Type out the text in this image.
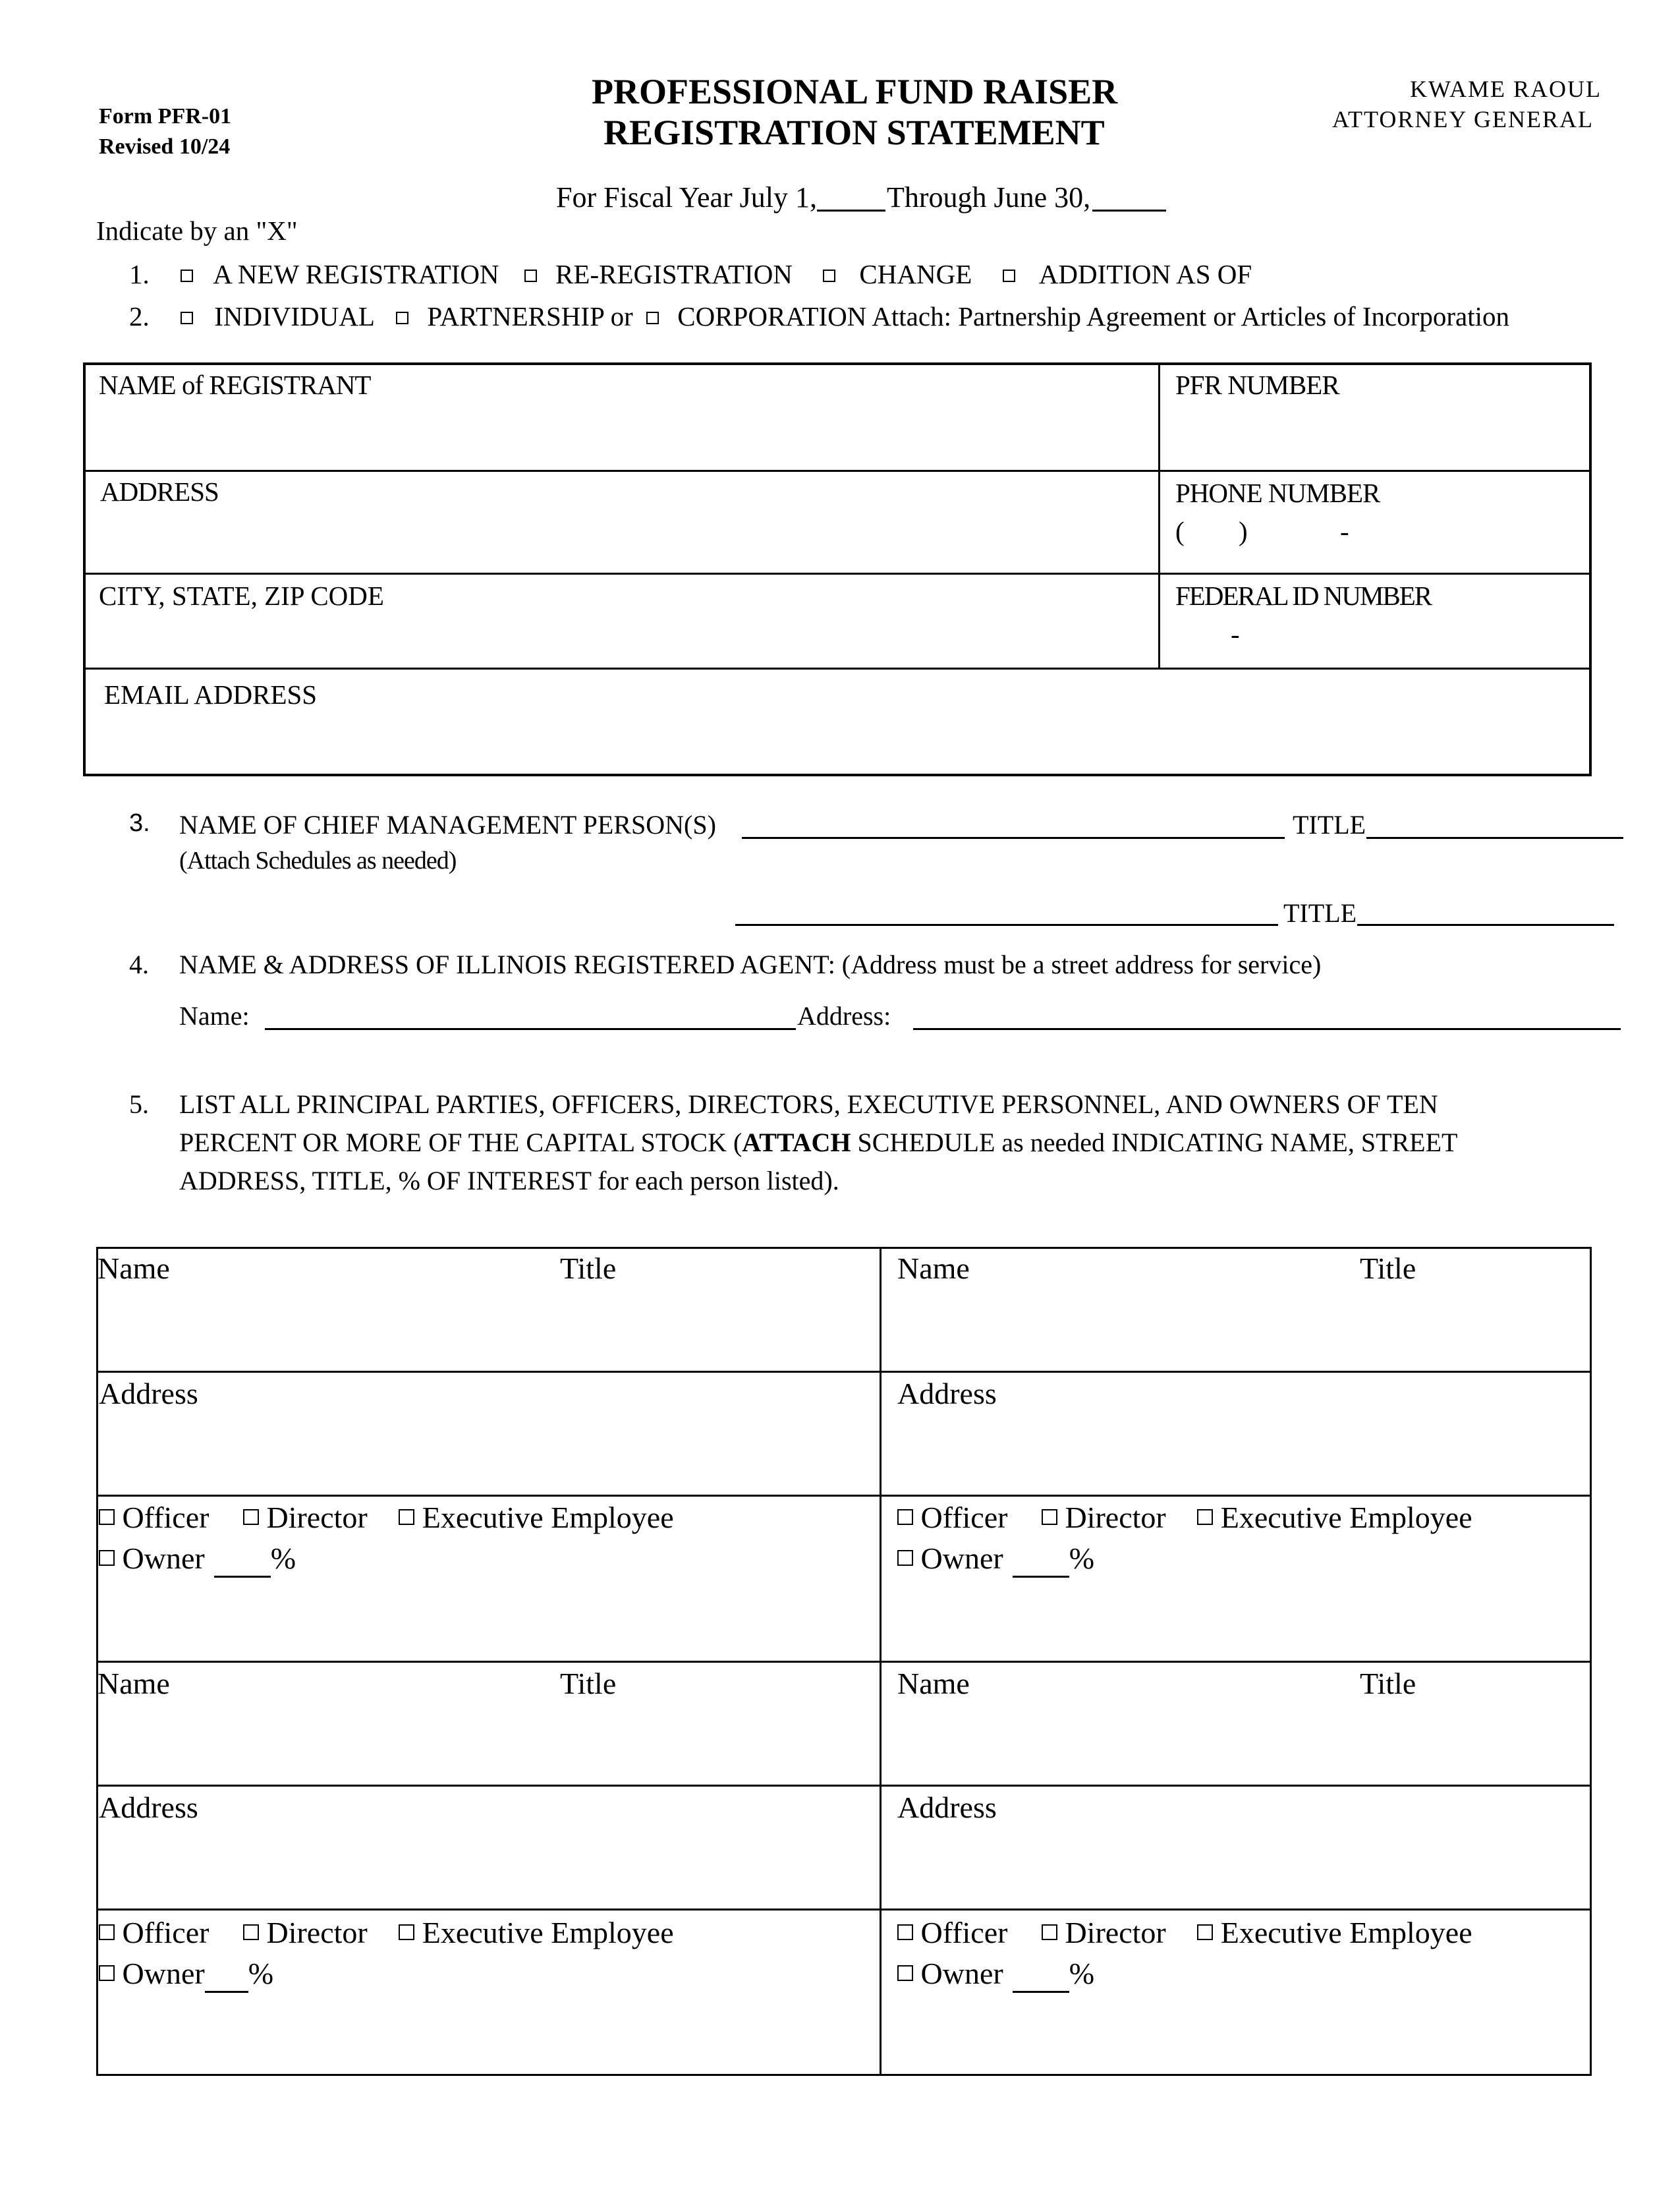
Form PFR-01
Revised 10/24
PROFESSIONAL FUND RAISER
REGISTRATION STATEMENT
KWAME RAOUL
ATTORNEY GENERAL
For Fiscal Year July 1, Through June 30,
Indicate by an "X"
1.	A NEW REGISTRATION RE-REGISTRATION CHANGE ADDITION AS OF
2.	INDIVIDUAL PARTNERSHIP or CORPORATION Attach: Partnership Agreement or Articles of Incorporation
NAME of REGISTRANT	PFR NUMBER
ADDRESS	PHONE NUMBER
( )	-
CITY, STATE, ZIP CODE	FEDERAL ID NUMBER
-
EMAIL ADDRESS
3. NAME OF CHIEF MANAGEMENT PERSON(S)	TITLE
(Attach Schedules as needed)
TITLE
4. NAME & ADDRESS OF ILLINOIS REGISTERED AGENT: (Address must be a street address for service)
Name:	Address:
5. LIST ALL PRINCIPAL PARTIES, OFFICERS, DIRECTORS, EXECUTIVE PERSONNEL, AND OWNERS OF TEN
PERCENT OR MORE OF THE CAPITAL STOCK (ATTACH SCHEDULE as needed INDICATING NAME, STREET
ADDRESS, TITLE, % OF INTEREST for each person listed).
Name	Title
Address
Officer Director Executive Employee
Owner %
Name	Title
Address
Officer Director Executive Employee
Owner %
Name	Title
Address
Officer Director Executive Employee
Owner %
Name	Title
Address
Officer Director Executive Employee
Owner %
